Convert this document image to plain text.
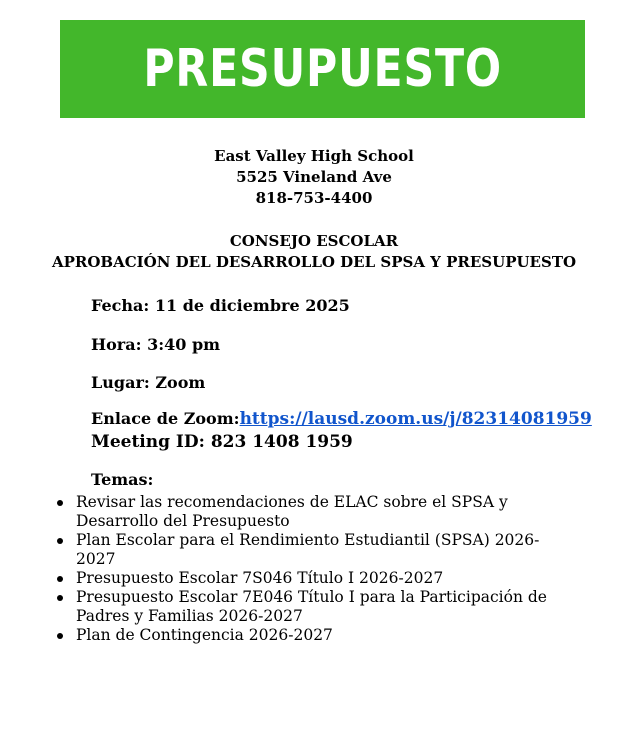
PRESUPUESTO
East Valley High School
5525 Vineland Ave
818-753-4400
CONSEJO ESCOLAR
APROBACIÓN DEL DESARROLLO DEL SPSA Y PRESUPUESTO
Fecha: 11 de diciembre 2025
Hora: 3:40 pm
Lugar: Zoom
Enlace de Zoom:https://lausd.zoom.us/j/82314081959
Meeting ID: 823 1408 1959
Temas:
Revisar las recomendaciones de ELAC sobre el SPSA y Desarrollo del Presupuesto
Plan Escolar para el Rendimiento Estudiantil (SPSA) 2026-2027
Presupuesto Escolar 7S046 Título I 2026-2027
Presupuesto Escolar 7E046 Título I para la Participación de Padres y Familias 2026-2027
Plan de Contingencia 2026-2027
